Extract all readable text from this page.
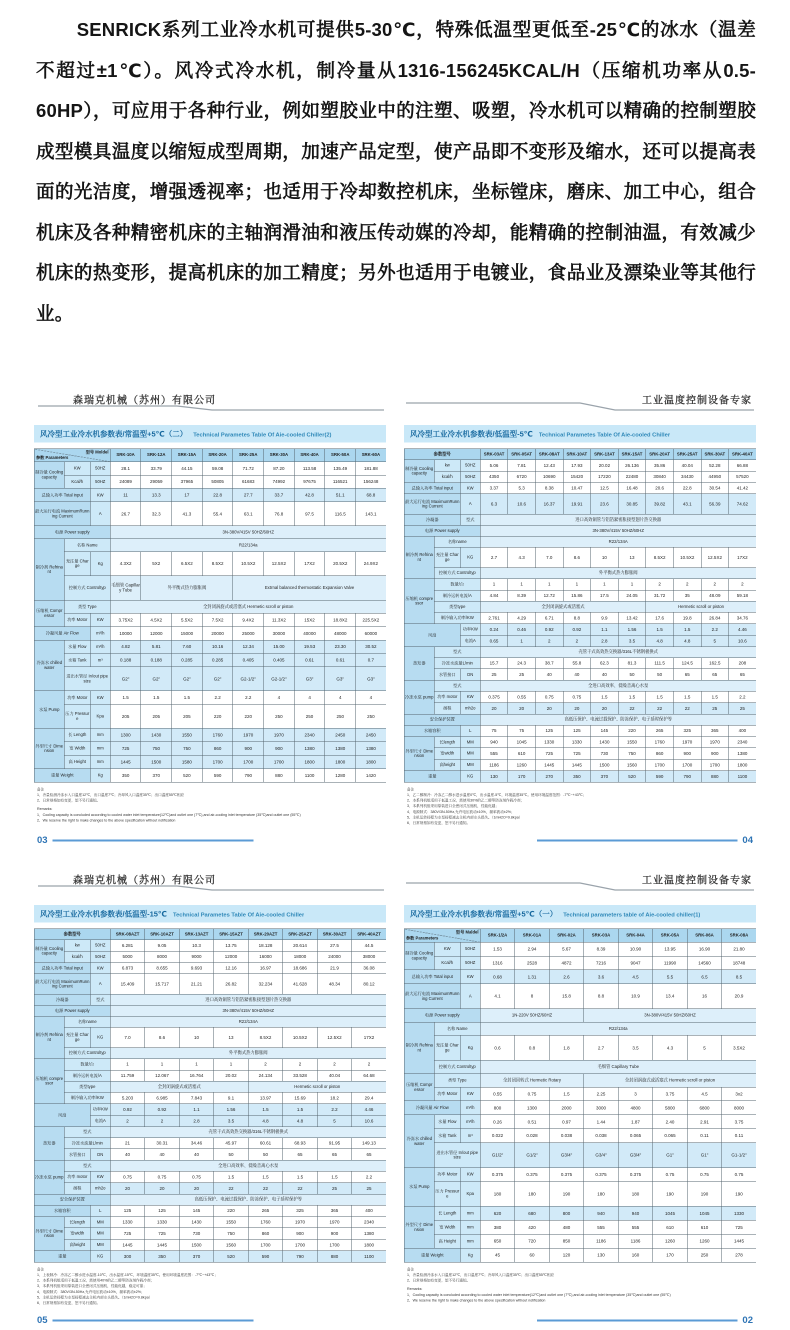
SENRICK系列工业冷水机可提供5-30℃，特殊低温型更低至-25℃的冰水（温差不超过±1℃）。风冷式冷水机，制冷量从1316-156245KCAL/H（压缩机功率从0.5-60HP），可应用于各种行业，例如塑胶业中的注塑、吸塑，冷水机可以精确的控制塑胶成型模具温度以缩短成型周期，加速产品定型，使产品即不变形及缩水，还可以提高表面的光洁度，增强透视率；也适用于冷却数控机床，坐标镗床，磨床、加工中心，组合机床及各种精密机床的主轴润滑油和液压传动媒的冷却，能精确的控制油温，有效减少机床的热变形，提高机床的加工精度；另外也适用于电镀业，食品业及漂染业等其他行业。
森瑞克机械（苏州）有限公司
风冷型工业冷水机参数表/常温型+5℃（二） Technical Parametes Table Of Aie-cooled Chiller(2)
参数 Parameters
型号 Moldel			SRK-10A	SRK-12A	SRK-15A	SRK-20A	SRK-25A	SRK-30A	SRK-40A	SRK-50A	SRK-60A
制冷量 Cooling capacity	KW	50HZ	28.1	33.79	44.15	59.08	71.72	87.20	113.58	135.49	181.88
	Kcal/h	50HZ	24089	29059	37965	50805	61683	74992	97675	116521	156248
总输入功率 Total input		KW	11	13.3	17	22.8	27.7	33.7	42.8	51.1	68.8
最大运行电流 MaximumRunning Current		A	26.7	32.3	41.3	55.4	63.1	76.8	97.5	116.5	143.1
电源 Power supply			3N-380V/415V 50HZ/60HZ								
制冷剂 Refrinant	名称 Name		R22/134a								
	充注量 Charge	Kg	4.3X2	5X2	6.5X2	8.5X2	10.5X2	12.5X2	17X2	20.5X2	24.9X2
	控制方式 Controltyp		毛细管 Capillary Tube	外平衡式热力膨胀阀			Extrnal balanced thermostatic Expansion Valve				
压缩机 Compressor	类型 Type		全封闭涡旋式或活塞式 Hermetic scroll or piston								
	功率 Motor	KW	3.75X2	4.5X2	5.5X2	7.5X2	9.4X2	11.3X2	15X2	18.8X2	225.5X2
冷凝风量 Air Flow		m³/h	10000	12000	15000	20000	25000	30000	40000	48000	60000
冷冻水 chilled water	水量 Flow	m³/h	4.82	5.81	7.60	10.16	12.34	15.00	19.53	23.30	30.52
	水箱 Tank	m³	0.188	0.188	0.285	0.285	0.405	0.405	0.61	0.61	0.7
	进出水管径 In/out pipe size		G2"	G2"	G2"	G2"	G2-1/2"	G2-1/2"	G3"	G3"	G3"
水泵 Pump	功率 Motor	KW	1.5	1.5	1.5	2.2	2.2	4	4	4	4
	压力 Pressure	Kpa	205	205	205	220	220	250	250	250	250
外型尺寸 Dimension	长 Length	mm	1300	1430	1550	1760	1970	1970	2340	2450	2450
	宽 Width	mm	725	750	750	860	900	900	1380	1380	1380
	高 Height	mm	1445	1500	1580	1700	1700	1700	1800	1800	1800
重量 Weight		Kg	350	370	520	590	790	880	1100	1280	1420
备注
1、冷量检测冷冻水入口温度12℃，出口温度7℃；冷却风入口温度35℃；出口温度55℃相应
2、日常规格如有变更，恕不另行通知。
Remarks:
1、Cooling capacity is concluded according to cooled water inlet temperature(12℃)and outlet one (7℃),and air-cooling inlet temperature (35℃)and outlet one (55℃)
2、We reserve the right to make changes to the above specification without notification
03
工业温度控制设备专家
风冷型工业冷水机参数表/低温型-5℃ Technical Parametes Table Of Aie-cooled Chiller
参数型号			SRK-03AT	SRK-05AT	SRK-08AT	SRK-10AT	SRK-13AT	SRK-15AT	SRK-20AT	SRK-25AT	SRK-30AT	SRK-40AT
制冷量 Cooling capacity	kw	50HZ	5.06	7.81	12.43	17.93	20.02	26.136	35.86	40.04	52.28	66.88
	kcal/h	50HZ	4350	6720	10690	15420	17220	22480	30840	34430	44950	57520
总输入功率 Total input		KW	3.37	5.3	8.38	10.47	12.5	16.48	20.6	22.8	30.54	41.42
最大运行电流 MaximumRunning Current		A	6.3	10.6	16.37	19.91	23.6	30.85	39.82	43.1	56.39	74.62
冷凝器		型式	进口高效铜管与铝箔紧密胀接型翅片热交换器									
电源 Power supply			3N-380V/415V 50HZ/60HZ									
制冷剂 Refrinant	名称name		R22/134A									
	充注量 Charge	KG	2.7	4.3	7.0	8.6	10	13	8.5X2	10.5X2	12.5X2	17X2
	控制方式 Controltyp		外平衡式热力膨胀阀									
压缩机 compressor	数量/台		1	1	1	1	1	1	2	2	2	2
	制冷运转电流/A		4.84	8.39	12.72	15.86	17.5	24.05	31.72	35	48.09	59.18
	类型type		全封闭涡旋式或活塞式						Hermetic scroll or piston			
	制冷输入功率/KW		2.761	4.29	6.71	8.8	9.9	13.42	17.6	19.8	26.84	34.76
风扇		功率KW	0.24	0.46	0.92	0.92	1.1	1.56	1.5	1.5	2.2	4.46
		电流A	0.65	1	2	2	2.8	3.5	4.8	4.8	5	10.6
蒸发器	型式		壳管干式高效热交换器/316L不锈钢板换式									
	冷冻水流量L/min		15.7	24.3	38.7	55.8	62.3	81.3	111.5	124.5	162.5	208
	水管接口	DN	25	25	40	40	40	50	50	65	65	65
冷冻水泵 pump	型式		全进口高效率、低噪音离心水泵									
	功率 motor	KW	0.375	0.55	0.75	0.75	1.5	1.5	1.5	1.5	1.5	2.2
	扬程	mh2o	20	20	20	20	20	22	22	22	25	25
安全保护装置			高低压保护、电流过载保护、防冻保护、电子延时保护等									
水箱容积		L	75	75	125	125	145	220	265	325	365	400
外型尺寸 Dimension	长length	MM	940	1045	1330	1330	1430	1550	1760	1970	1970	2340
	宽width	MM	555	610	725	725	730	750	860	900	900	1380
	高height	MM	1186	1260	1445	1445	1500	1560	1700	1700	1700	1800
重量		KG	130	170	270	350	370	520	590	790	880	1100
备注
1、乙二醇制冷：冷冻乙二醇水进水温度0℃，出水温度-5℃，环境温度35℃。使用环境温度范围：-7℃~+43℃；
2、本系列机组适用于低温工况，需使用30%的乙二醇等防冻剂作载冷剂；
3、本系列机组采用原装进口全密闭式压缩机，性能优越；
4、电源制式：380V/3N-50Hz,允许电压波动±10%，频率波动±2%；
5、主机运转扬程为水泵扬程减去主机内部水头损失。（1mH2O=9.8kpa）
6、日常规格如有变更，恕不另行通知。
04
森瑞克机械（苏州）有限公司
风冷型工业冷水机参数表/低温型-15℃ Technical Parametes Table Of Aie-cooled Chiller
参数型号			SRK-08AZT	SRK-10AZT	SRK-13AZT	SRK-15AZT	SRK-20AZT	SRK-25AZT	SRK-30AZT	SRK-40AZT
制冷量 Cooling capacity	kw	50HZ	6.281	9.05	10.3	13.75	18.128	20.614	27.5	44.5
	kcal/h	50HZ	5000	8000	9000	12000	16000	18000	24000	38000
总输入功率 Total input		KW	6.873	8.655	9.693	12.16	16.97	18.686	21.9	36.08
最大运行电流 MaximumRunning Current		A	15.409	15.717	21.21	26.82	32.234	41.628	48.34	80.12
冷凝器		型式	进口高效铜管与铝箔紧密胀接型翅片热交换器							
电源 Power supply			3N-380V/415V 50HZ/60HZ							
制冷剂 Refrinant	名称name		R22/134A							
	充注量 Charge	KG	7.0	8.6	10	13	8.5X2	10.5X2	12.5X2	17X2
	控制方式 Controltyp		外平衡式热力膨胀阀							
压缩机 compressor	数量/台		1	1	1	1	2	2	2	2
	制冷运转电流/A		11.759	12.067	16.764	20.02	24.134	33.528	40.04	64.68
	类型type		全封闭涡旋式或活塞式				Hermetic scroll or piston			
	制冷输入功率/KW		5.203	6.985	7.843	9.1	13.97	15.69	18.2	29.4
风扇		功率KW	0.92	0.92	1.1	1.56	1.5	1.5	2.2	4.46
		电流A	2	2	2.8	3.5	4.8	4.8	5	10.6
蒸发器	型式		壳管干式高效热交换器/316L不锈钢板换式							
	冷冻水流量L/min		21	30.31	34.46	45.97	60.61	68.93	91.95	149.13
	水管接口	DN	40	40	40	50	50	65	65	65
冷冻水泵 pump	型式		全进口高效率、低噪音离心水泵							
	功率 motor	KW	0.75	0.75	0.75	1.5	1.5	1.5	1.5	2.2
	扬程	mh2o	20	20	20	22	22	22	25	25
安全保护装置			高低压保护、电流过载保护、防冻保护、电子延时保护等							
水箱容积		L	125	125	145	220	265	325	365	400
外型尺寸 Dimension	长length	MM	1330	1330	1430	1550	1760	1970	1970	2340
	宽width	MM	725	725	730	750	860	900	900	1380
	高height	MM	1445	1445	1500	1560	1700	1700	1700	1800
重量		KG	300	350	370	520	590	790	880	1100
备注
1、上表制冷：冷冻乙二醇水进水温度-10℃，出水温度-15℃，环境温度35℃。使用环境温度范围：-7℃~+43℃；
2、本系列机组适用于低温工况，需使用40%的乙二醇等防冻剂作载冷剂；
3、本系列机组采用原装进口全密闭式压缩机，性能优越，稳定可靠；
4、电源制式：380V/3N-50Hz,允许电压波动±10%，频率波动±2%；
5、主机运转扬程为水泵扬程减去主机内部水头损失。（1mH2O=9.8kpa）
6、日常规格如有变更，恕不另行通知。
05
工业温度控制设备专家
风冷型工业冷水机参数表/常温型+5℃（一） Technical parameters table of Aie-cooled chiller(1)
参数 Parameters
型号 Maldel			SRK-1/2A	SRK-01A	SRK-02A	SRK-03A	SRK-04A	SRK-05A	SRK-06A	SRK-08A
制冷量 Cooling capacity	KW	50HZ	1.53	2.94	5.67	8.39	10.90	13.95	16.90	21.80
	Kcal/h	50HZ	1316	2528	4872	7216	9047	11990	14560	18748
总输入功率 Total input		KW	0.68	1.31	2.6	3.6	4.5	5.5	6.5	8.5
最大运行电流 MaximumRunning Current		A	4.1	8	15.8	8.8	10.9	13.4	16	20.9
电源 Power supply			1N-220V 50HZ/60HZ			3N-380V/415V 50HZ/60HZ				
制冷剂 Refrinant	名称 Name		R22/134a							
	充注量 Charge	Kg	0.6	0.8	1.8	2.7	3.5	4.3	5	3.5X2
	控制方式 Controltyp		毛细管 Capillary Tube							
压缩机 Compressor	类型 Type		全封闭回转式 Hermetic Rotary			全封闭涡旋式或活塞式 Hermetic scroll or piston				
	功率 Motor	KW	0.55	0.75	1.5	2.25	3	3.75	4.5	3x2
冷凝风量 Air Flow		m³/h	800	1300	2000	3000	4800	5800	6800	8000
冷冻水 chilled water	水量 Flow	m³/h	0.26	0.51	0.97	1.44	1.87	2.40	2.91	3.75
	水箱 Tank	m³	0.022	0.028	0.038	0.038	0.065	0.065	0.11	0.11
	进出水管径 In/out pipe size		G1/2"	G1/2"	G3/4"	G3/4"	G3/4"	G1"	G1"	G1-1/2"
水泵 Pump	功率 Motor	KW	0.375	0.375	0.375	0.375	0.375	0.75	0.75	0.75
	压力 Pressure	Kpa	180	180	190	180	180	190	190	190
外型尺寸 Dimension	长 Length	mm	620	680	800	940	940	1045	1045	1330
	宽 Width	mm	380	420	480	555	555	610	610	725
	高 Height	mm	650	720	850	1186	1186	1260	1260	1445
重量 Weight		Kg	45	60	120	130	160	170	250	278
备注
1、冷量检测冷冻水入口温度12℃，出口温度7℃；冷却风入口温度35℃；出口温度55℃相应
2、日常规格如有变更，恕不另行通知。
Remarks:
1、Cooling capacity is concluded according to cooled water inlet temperature(12℃)and outlet one (7℃),and air-cooling inlet temperature (35℃)and outlet one (55℃)
2、We reserve the right to make changes to the above specification without notification
02
